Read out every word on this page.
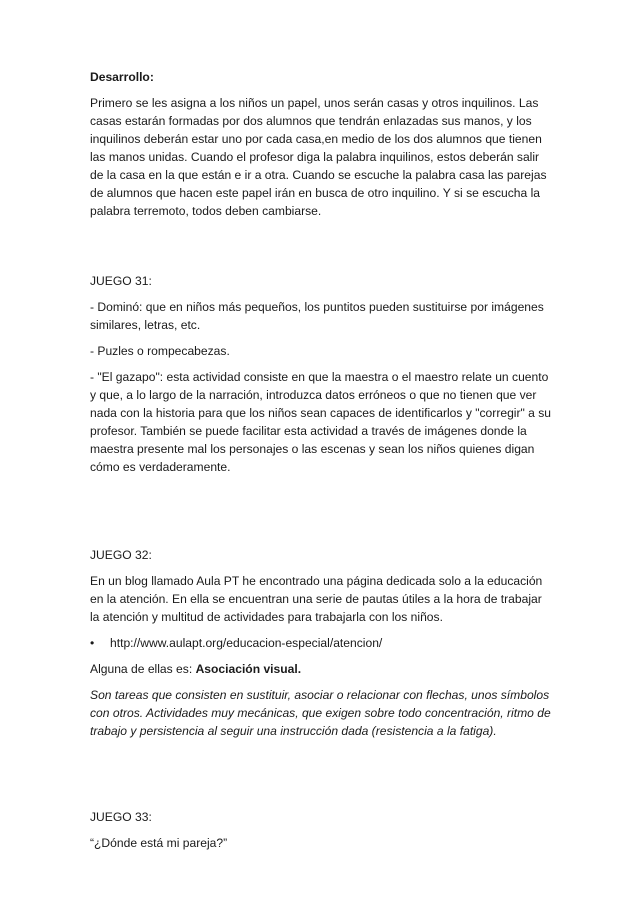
Desarrollo:

Primero se les asigna a los niños un papel, unos serán casas y otros inquilinos. Las casas estarán formadas por dos alumnos que tendrán enlazadas sus manos, y los inquilinos deberán estar uno por cada casa,en medio de los dos alumnos que tienen las manos unidas. Cuando el profesor diga la palabra inquilinos, estos deberán salir de la casa en la que están e ir a otra. Cuando se escuche la palabra casa las parejas de alumnos que hacen este papel irán en busca de otro inquilino. Y si se escucha la palabra terremoto, todos deben cambiarse.

JUEGO 31:

- Dominó: que en niños más pequeños, los puntitos pueden sustituirse por imágenes similares, letras, etc.

- Puzles o rompecabezas.

- "El gazapo": esta actividad consiste en que la maestra o el maestro relate un cuento y que, a lo largo de la narración, introduzca datos erróneos o que no tienen que ver nada con la historia para que los niños sean capaces de identificarlos y "corregir" a su profesor. También se puede facilitar esta actividad a través de imágenes donde la maestra presente mal los personajes o las escenas y sean los niños quienes digan cómo es verdaderamente.

JUEGO 32:

En un blog llamado Aula PT he encontrado una página dedicada solo a la educación en la atención. En ella se encuentran una serie de pautas útiles a la hora de trabajar la atención y multitud de actividades para trabajarla con los niños.

•	http://www.aulapt.org/educacion-especial/atencion/

Alguna de ellas es: Asociación visual.

Son tareas que consisten en sustituir, asociar o relacionar con flechas, unos símbolos con otros. Actividades muy mecánicas, que exigen sobre todo concentración, ritmo de trabajo y persistencia al seguir una instrucción dada (resistencia a la fatiga).

JUEGO 33:

“¿Dónde está mi pareja?”
